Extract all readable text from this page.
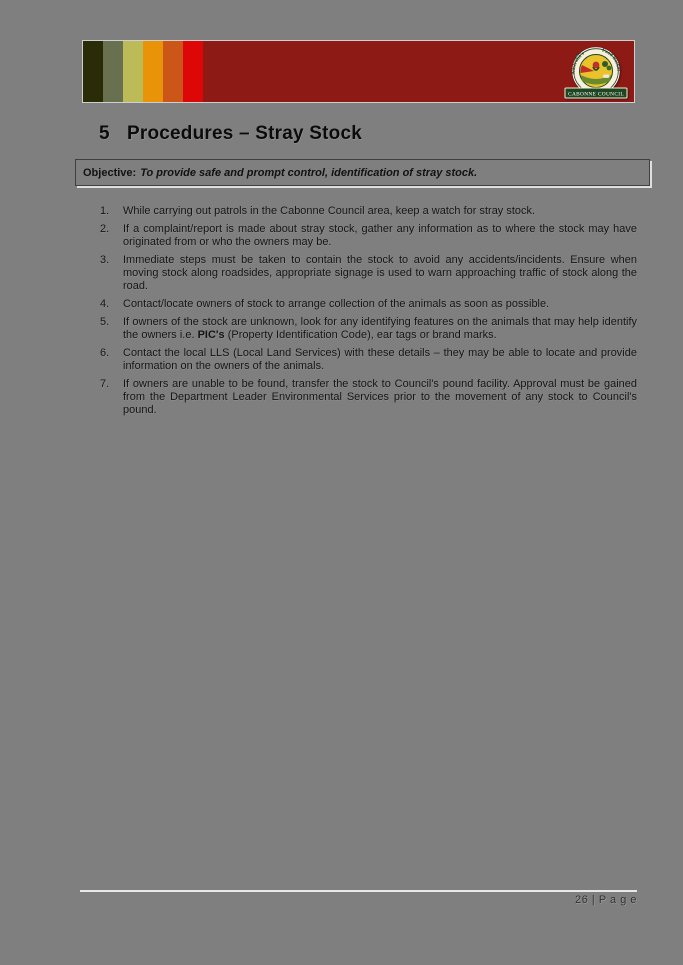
Australia's
Food Basket
CABONNE COUNCIL
5 Procedures – Stray Stock
Objective: To provide safe and prompt control, identification of stray stock.
1.	While carrying out patrols in the Cabonne Council area, keep a watch for stray stock.
2.	If a complaint/report is made about stray stock, gather any information as to where the stock may have originated from or who the owners may be.
3.	Immediate steps must be taken to contain the stock to avoid any accidents/incidents. Ensure when moving stock along roadsides, appropriate signage is used to warn approaching traffic of stock along the road.
4.	Contact/locate owners of stock to arrange collection of the animals as soon as possible.
5.	If owners of the stock are unknown, look for any identifying features on the animals that may help identify the owners i.e. PIC's (Property Identification Code), ear tags or brand marks.
6.	Contact the local LLS (Local Land Services) with these details – they may be able to locate and provide information on the owners of the animals.
7.	If owners are unable to be found, transfer the stock to Council's pound facility. Approval must be gained from the Department Leader Environmental Services prior to the movement of any stock to Council's pound.
26 | P a g e
